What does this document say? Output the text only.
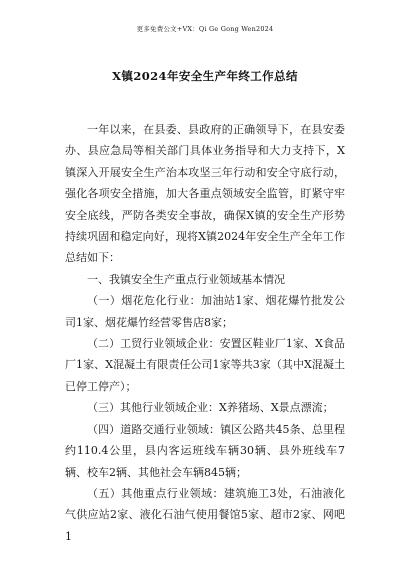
更多免费公文+VX：Qi Ge Gong Wen2024
X镇2024年安全生产年终工作总结

一年以来，在县委、县政府的正确领导下，在县安委办、县应急局等相关部门具体业务指导和大力支持下，X镇深入开展安全生产治本攻坚三年行动和安全守底行动，强化各项安全措施，加大各重点领域安全监管，盯紧守牢安全底线，严防各类安全事故，确保X镇的安全生产形势持续巩固和稳定向好，现将X镇2024年安全生产全年工作总结如下：

一、我镇安全生产重点行业领域基本情况

（一）烟花危化行业：加油站1家、烟花爆竹批发公司1家、烟花爆竹经营零售店8家；

（二）工贸行业领域企业：安置区鞋业厂1家、X食品厂1家、X混凝土有限责任公司1家等共3家（其中X混凝土已停工停产）；

（三）其他行业领域企业：X养猪场、X景点漂流；

（四）道路交通行业领域：镇区公路共45条、总里程约110.4公里，县内客运班线车辆30辆、县外班线车7辆、校车2辆、其他社会车辆845辆；

（五）其他重点行业领域：建筑施工3处，石油液化气供应站2家、液化石油气使用餐馆5家、超市2家、网吧1
